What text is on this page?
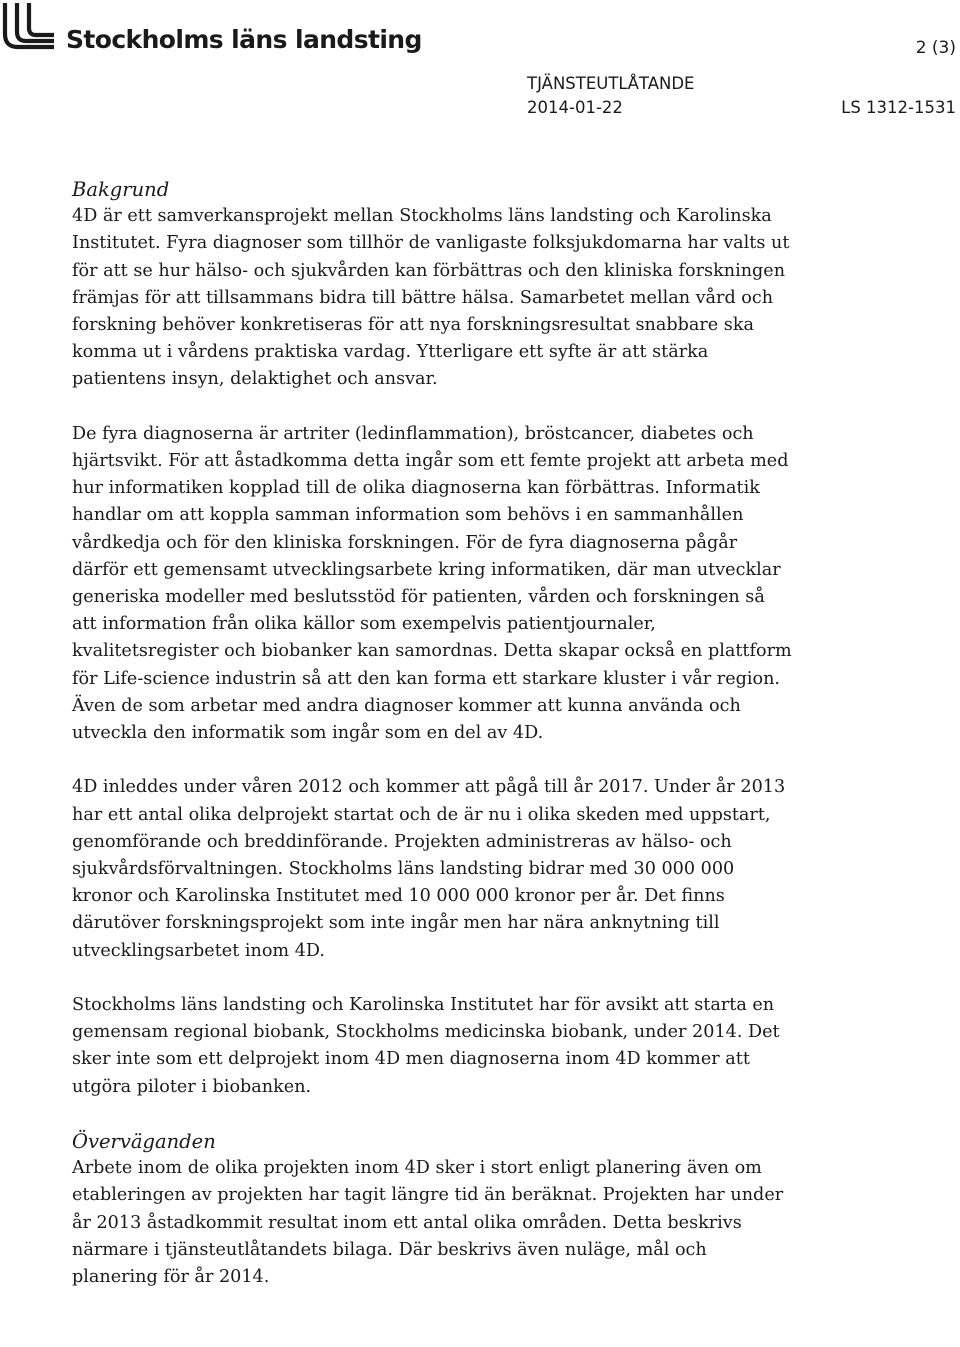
Stockholms läns landsting	2 (3)
TJÄNSTEUTLÅTANDE
2014-01-22	LS 1312-1531
Bakgrund

4D är ett samverkansprojekt mellan Stockholms läns landsting och Karolinska Institutet. Fyra diagnoser som tillhör de vanligaste folksjukdomarna har valts ut för att se hur hälso- och sjukvården kan förbättras och den kliniska forskningen främjas för att tillsammans bidra till bättre hälsa. Samarbetet mellan vård och forskning behöver konkretiseras för att nya forskningsresultat snabbare ska komma ut i vårdens praktiska vardag. Ytterligare ett syfte är att stärka patientens insyn, delaktighet och ansvar.

De fyra diagnoserna är artriter (ledinflammation), bröstcancer, diabetes och hjärtsvikt. För att åstadkomma detta ingår som ett femte projekt att arbeta med hur informatiken kopplad till de olika diagnoserna kan förbättras. Informatik handlar om att koppla samman information som behövs i en sammanhållen vårdkedja och för den kliniska forskningen. För de fyra diagnoserna pågår därför ett gemensamt utvecklingsarbete kring informatiken, där man utvecklar generiska modeller med beslutsstöd för patienten, vården och forskningen så att information från olika källor som exempelvis patientjournaler, kvalitetsregister och biobanker kan samordnas. Detta skapar också en plattform för Life-science industrin så att den kan forma ett starkare kluster i vår region. Även de som arbetar med andra diagnoser kommer att kunna använda och utveckla den informatik som ingår som en del av 4D.

4D inleddes under våren 2012 och kommer att pågå till år 2017. Under år 2013 har ett antal olika delprojekt startat och de är nu i olika skeden med uppstart, genomförande och breddinförande. Projekten administreras av hälso- och sjukvårdsförvaltningen. Stockholms läns landsting bidrar med 30 000 000 kronor och Karolinska Institutet med 10 000 000 kronor per år. Det finns därutöver forskningsprojekt som inte ingår men har nära anknytning till utvecklingsarbetet inom 4D.

Stockholms läns landsting och Karolinska Institutet har för avsikt att starta en gemensam regional biobank, Stockholms medicinska biobank, under 2014. Det sker inte som ett delprojekt inom 4D men diagnoserna inom 4D kommer att utgöra piloter i biobanken.

Överväganden

Arbete inom de olika projekten inom 4D sker i stort enligt planering även om etableringen av projekten har tagit längre tid än beräknat. Projekten har under år 2013 åstadkommit resultat inom ett antal olika områden. Detta beskrivs närmare i tjänsteutlåtandets bilaga. Där beskrivs även nuläge, mål och planering för år 2014.
